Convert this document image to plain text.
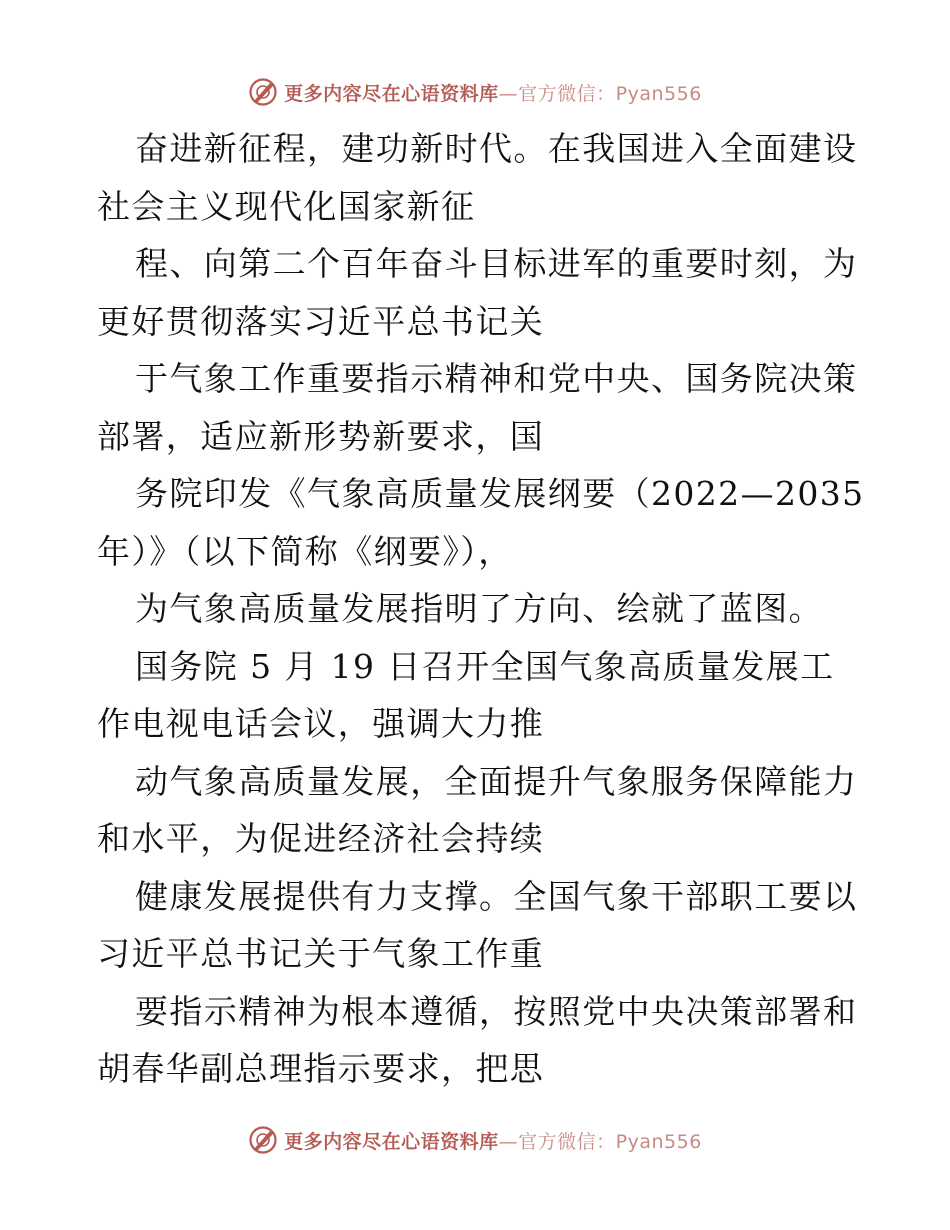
更多内容尽在心语资料库—官方微信：Pyan556
奋进新征程，建功新时代。在我国进入全面建设
社会主义现代化国家新征
程、向第二个百年奋斗目标进军的重要时刻，为
更好贯彻落实习近平总书记关
于气象工作重要指示精神和党中央、国务院决策
部署，适应新形势新要求，国
务院印发《气象高质量发展纲要（2022—2035
年）》（以下简称《纲要》），
为气象高质量发展指明了方向、绘就了蓝图。
国务院 5 月 19 日召开全国气象高质量发展工
作电视电话会议，强调大力推
动气象高质量发展，全面提升气象服务保障能力
和水平，为促进经济社会持续
健康发展提供有力支撑。全国气象干部职工要以
习近平总书记关于气象工作重
要指示精神为根本遵循，按照党中央决策部署和
胡春华副总理指示要求，把思
更多内容尽在心语资料库—官方微信：Pyan556
